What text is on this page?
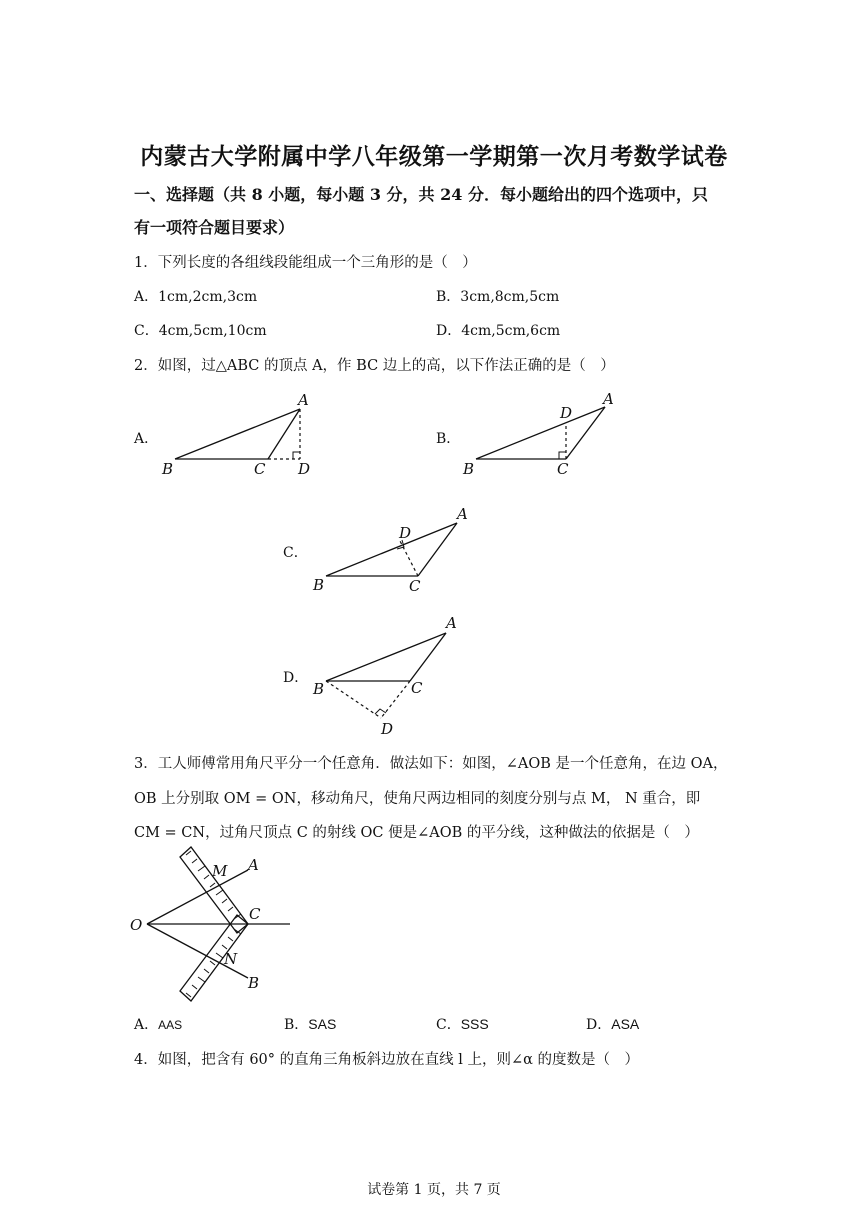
内蒙古大学附属中学八年级第一学期第一次月考数学试卷
一、选择题（共 8 小题，每小题 3 分，共 24 分．每小题给出的四个选项中，只
有一项符合题目要求）
1．下列长度的各组线段能组成一个三角形的是（　）
A．1cm,2cm,3cm	B．3cm,8cm,5cm
C．4cm,5cm,10cm	D．4cm,5cm,6cm
2．如图，过△ABC 的顶点 A，作 BC 边上的高，以下作法正确的是（　）
A．
A
B	C D
B．
A
B	C
D
C．
A
B	C
D
D．
A
B	C
D
3．工人师傅常用角尺平分一个任意角．做法如下：如图，∠AOB 是一个任意角，在边 OA，
OB 上分别取 OM = ON，移动角尺，使角尺两边相同的刻度分别与点 M， N 重合，即
CM = CN，过角尺顶点 C 的射线 OC 便是∠AOB 的平分线，这种做法的依据是（　）
O
A
B
C
M
N
A．AAS	B．SAS	C．SSS	D．ASA
4．如图，把含有 60° 的直角三角板斜边放在直线 l 上，则∠α 的度数是（　）
试卷第 1 页，共 7 页
